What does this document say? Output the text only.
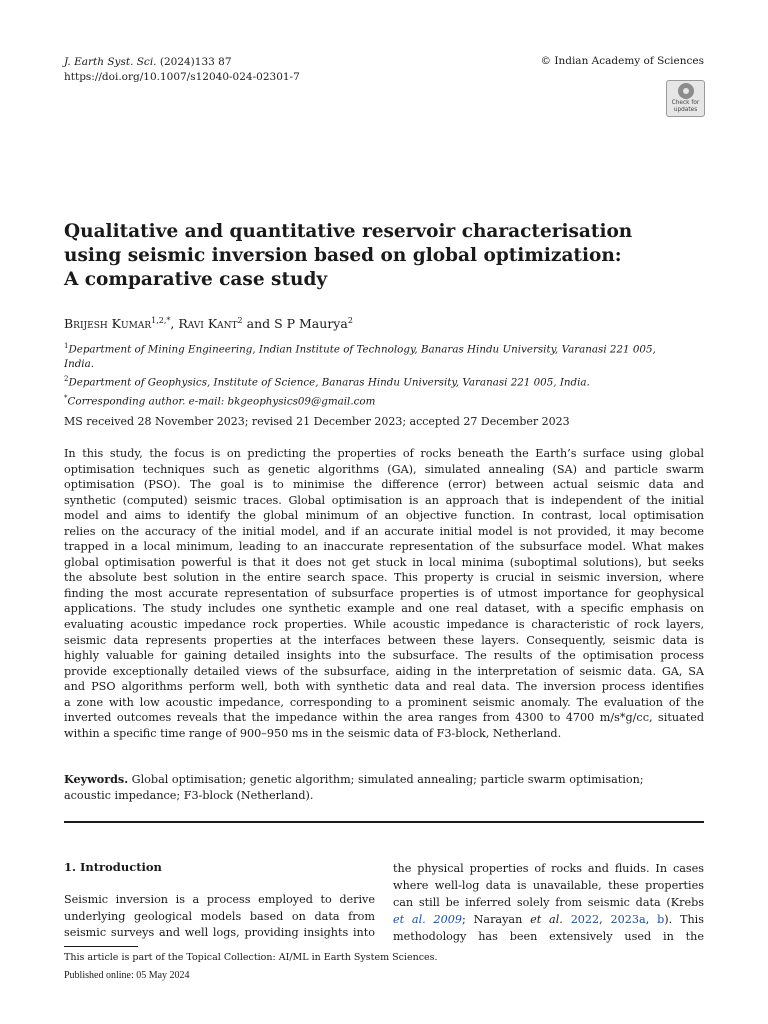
J. Earth Syst. Sci. (2024)133 87
https://doi.org/10.1007/s12040-024-02301-7
© Indian Academy of Sciences
Check for
updates
Qualitative and quantitative reservoir characterisation
using seismic inversion based on global optimization:
A comparative case study
Brijesh Kumar$^{1,2,*}$, Ravi Kant$^2$ and S P Maurya$^2$
$^1$Department of Mining Engineering, Indian Institute of Technology, Banaras Hindu University, Varanasi 221 005,
India.
$^2$Department of Geophysics, Institute of Science, Banaras Hindu University, Varanasi 221 005, India.
*Corresponding author. e-mail: bkgeophysics09@gmail.com
MS received 28 November 2023; revised 21 December 2023; accepted 27 December 2023
In this study, the focus is on predicting the properties of rocks beneath the Earth’s surface using global
optimisation techniques such as genetic algorithms (GA), simulated annealing (SA) and particle swarm
optimisation (PSO). The goal is to minimise the difference (error) between actual seismic data and
synthetic (computed) seismic traces. Global optimisation is an approach that is independent of the initial
model and aims to identify the global minimum of an objective function. In contrast, local optimisation
relies on the accuracy of the initial model, and if an accurate initial model is not provided, it may become
trapped in a local minimum, leading to an inaccurate representation of the subsurface model. What makes
global optimisation powerful is that it does not get stuck in local minima (suboptimal solutions), but seeks
the absolute best solution in the entire search space. This property is crucial in seismic inversion, where
finding the most accurate representation of subsurface properties is of utmost importance for geophysical
applications. The study includes one synthetic example and one real dataset, with a specific emphasis on
evaluating acoustic impedance rock properties. While acoustic impedance is characteristic of rock layers,
seismic data represents properties at the interfaces between these layers. Consequently, seismic data is
highly valuable for gaining detailed insights into the subsurface. The results of the optimisation process
provide exceptionally detailed views of the subsurface, aiding in the interpretation of seismic data. GA, SA
and PSO algorithms perform well, both with synthetic data and real data. The inversion process identifies
a zone with low acoustic impedance, corresponding to a prominent seismic anomaly. The evaluation of the
inverted outcomes reveals that the impedance within the area ranges from 4300 to 4700 m/s*g/cc, situated
within a specific time range of 900–950 ms in the seismic data of F3-block, Netherland.
Keywords. Global optimisation; genetic algorithm; simulated annealing; particle swarm optimisation;
acoustic impedance; F3-block (Netherland).
1. Introduction
Seismic inversion is a process employed to derive
underlying geological models based on data from
seismic surveys and well logs, providing insights into
the physical properties of rocks and fluids. In cases
where well-log data is unavailable, these properties
can still be inferred solely from seismic data (Krebs
et al. 2009; Narayan et al. 2022, 2023a, b). This
methodology has been extensively used in the
This article is part of the Topical Collection: AI/ML in Earth System Sciences.
Published online: 05 May 2024
